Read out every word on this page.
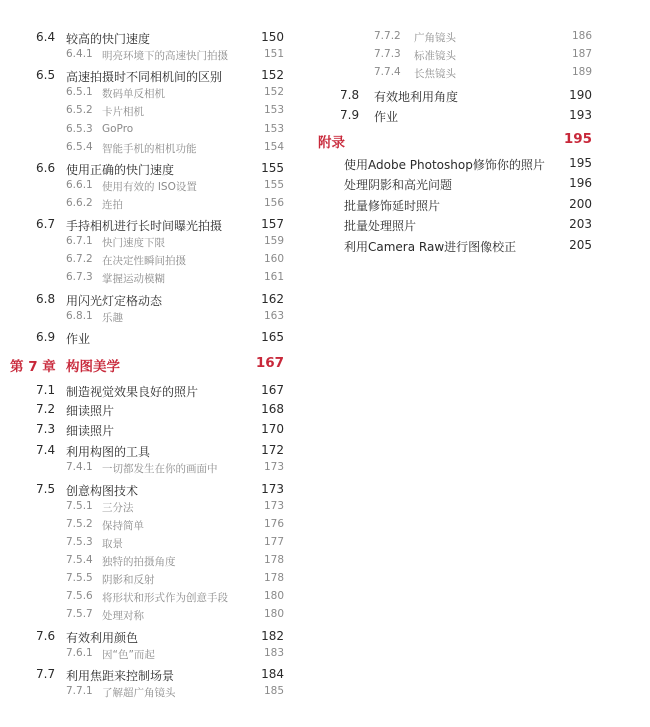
6.4 较高的快门速度	150
6.4.1 明亮环境下的高速快门拍摄	151
6.5 高速拍摄时不同相机间的区别	152
6.5.1 数码单反相机	152
6.5.2 卡片相机	153
6.5.3 GoPro	153
6.5.4 智能手机的相机功能	154
6.6 使用正确的快门速度	155
6.6.1 使用有效的 ISO设置	155
6.6.2 连拍	156
6.7 手持相机进行长时间曝光拍摄	157
6.7.1 快门速度下限	159
6.7.2 在决定性瞬间拍摄	160
6.7.3 掌握运动模糊	161
6.8 用闪光灯定格动态	162
6.8.1 乐趣	163
6.9 作业	165
第 7 章 构图美学	167
7.1 制造视觉效果良好的照片	167
7.2 细读照片	168
7.3 细读照片	170
7.4 利用构图的工具	172
7.4.1 一切都发生在你的画面中	173
7.5 创意构图技术	173
7.5.1 三分法	173
7.5.2 保持简单	176
7.5.3 取景	177
7.5.4 独特的拍摄角度	178
7.5.5 阴影和反射	178
7.5.6 将形状和形式作为创意手段	180
7.5.7 处理对称	180
7.6 有效利用颜色	182
7.6.1 因“色”而起	183
7.7 利用焦距来控制场景	184
7.7.1 了解超广角镜头	185
7.7.2 广角镜头	186
7.7.3 标准镜头	187
7.7.4 长焦镜头	189
7.8 有效地利用角度	190
7.9 作业	193
附录	195
使用Adobe Photoshop修饰你的照片 195
处理阴影和高光问题	196
批量修饰延时照片	200
批量处理照片	203
利用Camera Raw进行图像校正	205
